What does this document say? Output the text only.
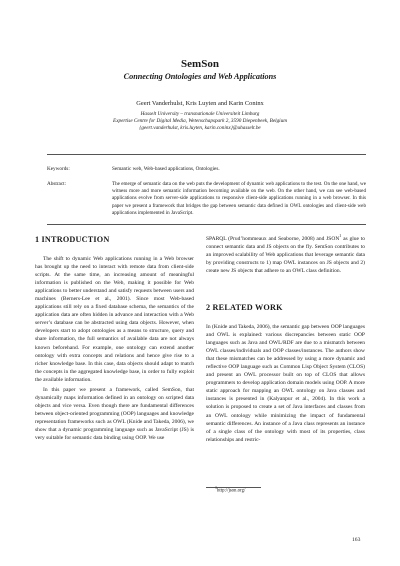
SemSon
Connecting Ontologies and Web Applications
Geert Vanderhulst, Kris Luyten and Karin Coninx
Hasselt University – transnationale Universiteit Limburg
Expertise Centre for Digital Media, Wetenschapspark 2, 3590 Diepenbeek, Belgium
{geert.vanderhulst, kris.luyten, karin.coninx}@uhasselt.be
Keywords:	Semantic web, Web-based applications, Ontologies.
Abstract:	The emerge of semantic data on the web puts the development of dynamic web applications to the test. On the one hand, we witness more and more semantic information becoming available on the web. On the other hand, we can see web-based applications evolve from server-side applications to responsive client-side applications running in a web browser. In this paper we present a framework that bridges the gap between semantic data defined in OWL ontologies and client-side web applications implemented in JavaScript.

1 INTRODUCTION

The shift to dynamic Web applications running in a Web browser has brought up the need to interact with remote data from client-side scripts. At the same time, an increasing amount of meaningful information is published on the Web, making it possible for Web applications to better understand and satisfy requests between users and machines (Berners-Lee et al., 2001). Since most Web-based applications still rely on a fixed database schema, the semantics of the application data are often hidden in advance and interaction with a Web server’s database can be abstracted using data objects. However, when developers start to adopt ontologies as a means to structure, query and share information, the full semantics of available data are not always known beforehand. For example, one ontology can extend another ontology with extra concepts and relations and hence give rise to a richer knowledge base. In this case, data objects should adapt to match the concepts in the aggregated knowledge base, in order to fully exploit the available information.

In this paper we present a framework, called SemSon, that dynamically maps information defined in an ontology on scripted data objects and vice versa. Even though there are fundamental differences between object-oriented programming (OOP) languages and knowledge representation frameworks such as OWL (Knide and Takeda, 2006), we show that a dynamic programming language such as JavaScript (JS) is very suitable for semantic data binding using OOP. We use

SPARQL (Prud’hommeaux and Seaborne, 2008) and JSON$^1$ as glue to connect semantic data and JS objects on the fly. SemSon contributes to an improved scalability of Web applications that leverage semantic data by providing constructs to 1) map OWL instances on JS objects and 2) create new JS objects that adhere to an OWL class definition.

2 RELATED WORK

In (Knide and Takeda, 2006), the semantic gap between OOP languages and OWL is explained: various discrepancies between static OOP languages such as Java and OWL/RDF are due to a mismatch between OWL classes/individuals and OOP classes/instances. The authors show that these mismatches can be addressed by using a more dynamic and reflective OOP language such as Common Lisp Object System (CLOS) and present an OWL processor built on top of CLOS that allows programmers to develop application domain models using OOP. A more static approach for mapping an OWL ontology on Java classes and instances is presented in (Kalyanpur et al., 2004). In this work a solution is proposed to create a set of Java interfaces and classes from an OWL ontology while minimizing the impact of fundamental semantic differences. An instance of a Java class represents an instance of a single class of the ontology with most of its properties, class relationships and restric-

$^1$http://json.org/
163
